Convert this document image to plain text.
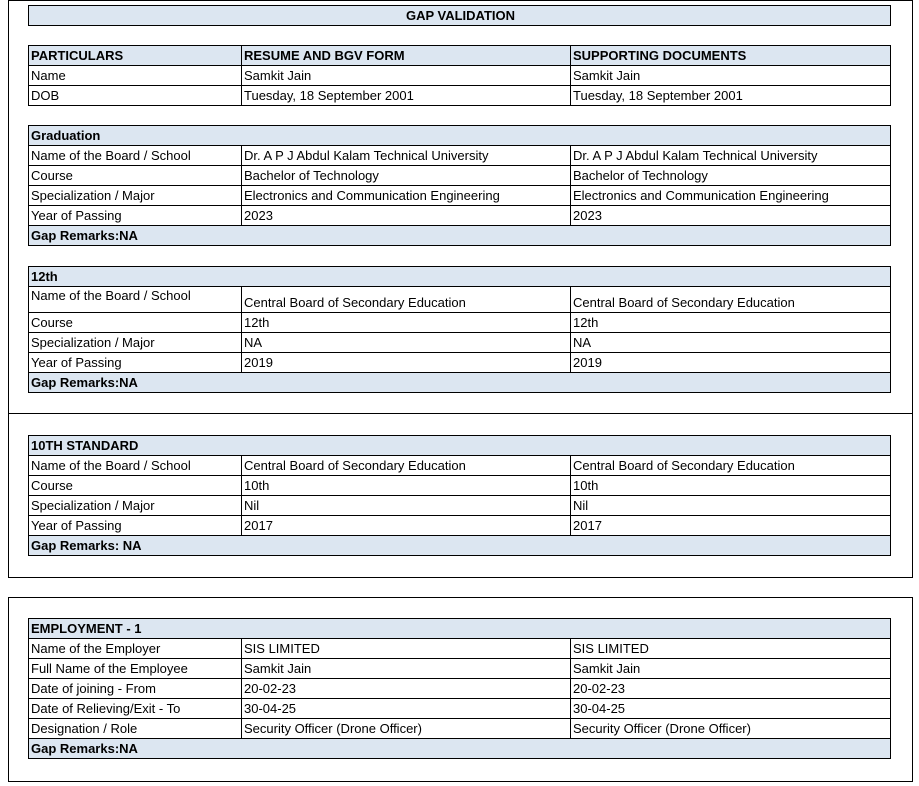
GAP VALIDATION
PARTICULARS	RESUME AND BGV FORM	SUPPORTING DOCUMENTS
Name	Samkit Jain	Samkit Jain
DOB	Tuesday, 18 September 2001	Tuesday, 18 September 2001
Graduation		
Name of the Board / School	Dr. A P J Abdul Kalam Technical University	Dr. A P J Abdul Kalam Technical University
Course	Bachelor of Technology	Bachelor of Technology
Specialization / Major	Electronics and Communication Engineering	Electronics and Communication Engineering
Year of Passing	2023	2023
Gap Remarks:NA		
12th		
Name of the Board / School	Central Board of Secondary Education	Central Board of Secondary Education
Course	12th	12th
Specialization / Major	NA	NA
Year of Passing	2019	2019
Gap Remarks:NA		
10TH STANDARD		
Name of the Board / School	Central Board of Secondary Education	Central Board of Secondary Education
Course	10th	10th
Specialization / Major	Nil	Nil
Year of Passing	2017	2017
Gap Remarks: NA		
EMPLOYMENT - 1		
Name of the Employer	SIS LIMITED	SIS LIMITED
Full Name of the Employee	Samkit Jain	Samkit Jain
Date of joining - From	20-02-23	20-02-23
Date of Relieving/Exit - To	30-04-25	30-04-25
Designation / Role	Security Officer (Drone Officer)	Security Officer (Drone Officer)
Gap Remarks:NA		
